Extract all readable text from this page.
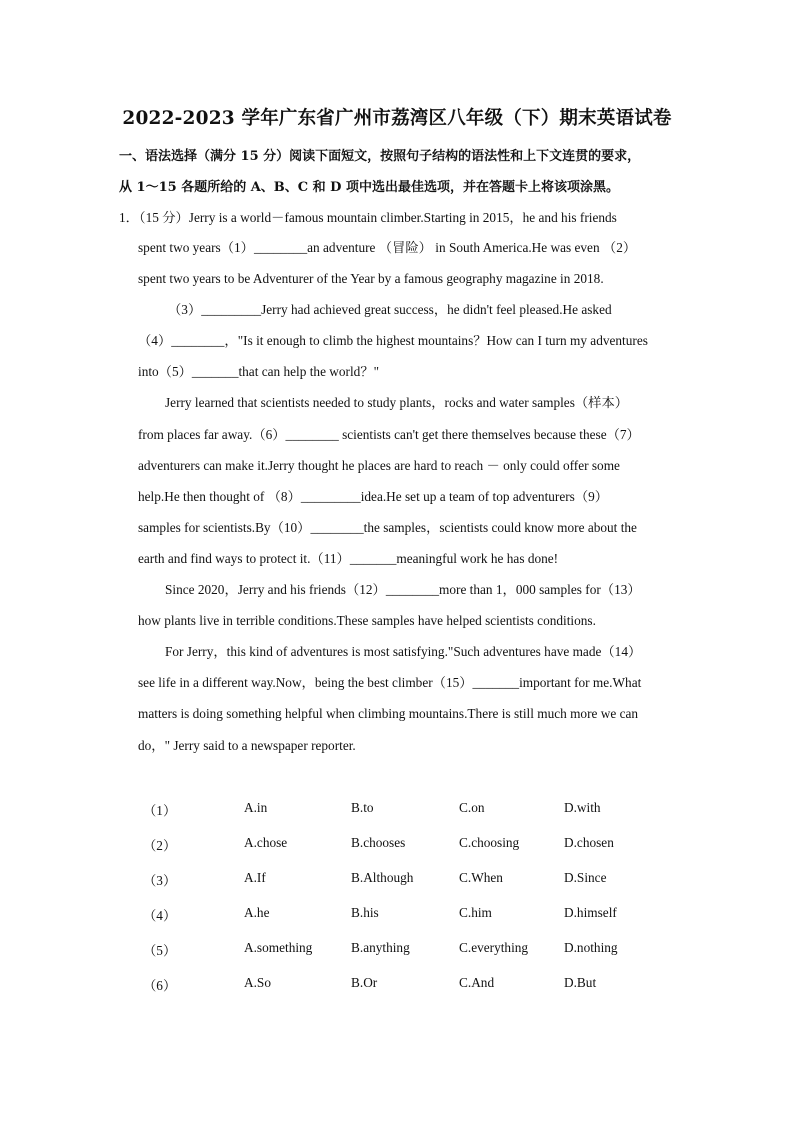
2022-2023 学年广东省广州市荔湾区八年级（下）期末英语试卷
一、语法选择（满分 15 分）阅读下面短文，按照句子结构的语法性和上下文连贯的要求，
从 1～15 各题所给的 A、B、C 和 D 项中选出最佳选项，并在答题卡上将该项涂黑。
1．（15 分）Jerry is a world－famous mountain climber.Starting in 2015，he and his friends
spent two years（1）________an adventure （冒险） in South America.He was even （2）
spent two years to be Adventurer of the Year by a famous geography magazine in 2018.
（3）_________Jerry had achieved great success，he didn't feel pleased.He asked
（4）________，"Is it enough to climb the highest mountains？How can I turn my adventures
into（5）_______that can help the world？"
Jerry learned that scientists needed to study plants，rocks and water samples（样本）
from places far away.（6）________ scientists can't get there themselves because these（7）
adventurers can make it.Jerry thought he places are hard to reach － only could offer some
help.He then thought of （8）_________idea.He set up a team of top adventurers（9）
samples for scientists.By（10）________the samples，scientists could know more about the
earth and find ways to protect it.（11）_______meaningful work he has done!
Since 2020，Jerry and his friends（12）________more than 1，000 samples for（13）
how plants live in terrible conditions.These samples have helped scientists conditions.
For Jerry，this kind of adventures is most satisfying."Such adventures have made（14）
see life in a different way.Now，being the best climber（15）_______important for me.What
matters is doing something helpful when climbing mountains.There is still much more we can
do，" Jerry said to a newspaper reporter.
（1）	A.in	B.to	C.on	D.with
（2）	A.chose	B.chooses	C.choosing	D.chosen
（3）	A.If	B.Although	C.When	D.Since
（4）	A.he	B.his	C.him	D.himself
（5）	A.something	B.anything	C.everything	D.nothing
（6）	A.So	B.Or	C.And	D.But
